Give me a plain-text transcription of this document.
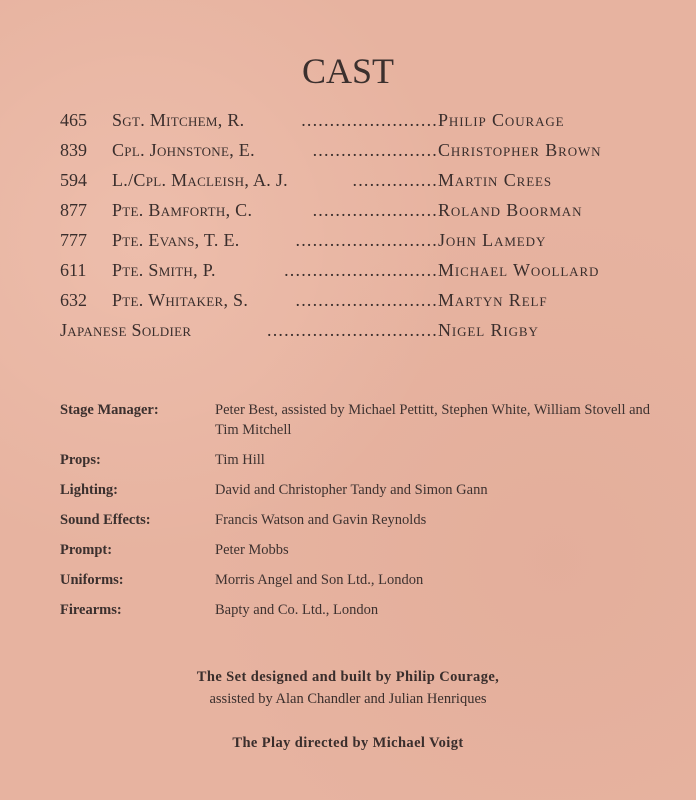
CAST
465	Sgt. Mitchem, R.	........................ Philip Courage
839	Cpl. Johnstone, E.	...................... Christopher Brown
594	L./Cpl. Macleish, A. J.	............... Martin Crees
877	Pte. Bamforth, C.	...................... Roland Boorman
777	Pte. Evans, T. E.	......................... John Lamedy
611	Pte. Smith, P.	........................... Michael Woollard
632	Pte. Whitaker, S.	......................... Martyn Relf
Japanese Soldier	.............................. Nigel Rigby
Stage Manager:	Peter Best, assisted by Michael Pettitt, Stephen White, William Stovell and Tim Mitchell
Props:	Tim Hill
Lighting:	David and Christopher Tandy and Simon Gann
Sound Effects:	Francis Watson and Gavin Reynolds
Prompt:	Peter Mobbs
Uniforms:	Morris Angel and Son Ltd., London
Firearms:	Bapty and Co. Ltd., London
The Set designed and built by Philip Courage,
assisted by Alan Chandler and Julian Henriques
The Play directed by Michael Voigt
